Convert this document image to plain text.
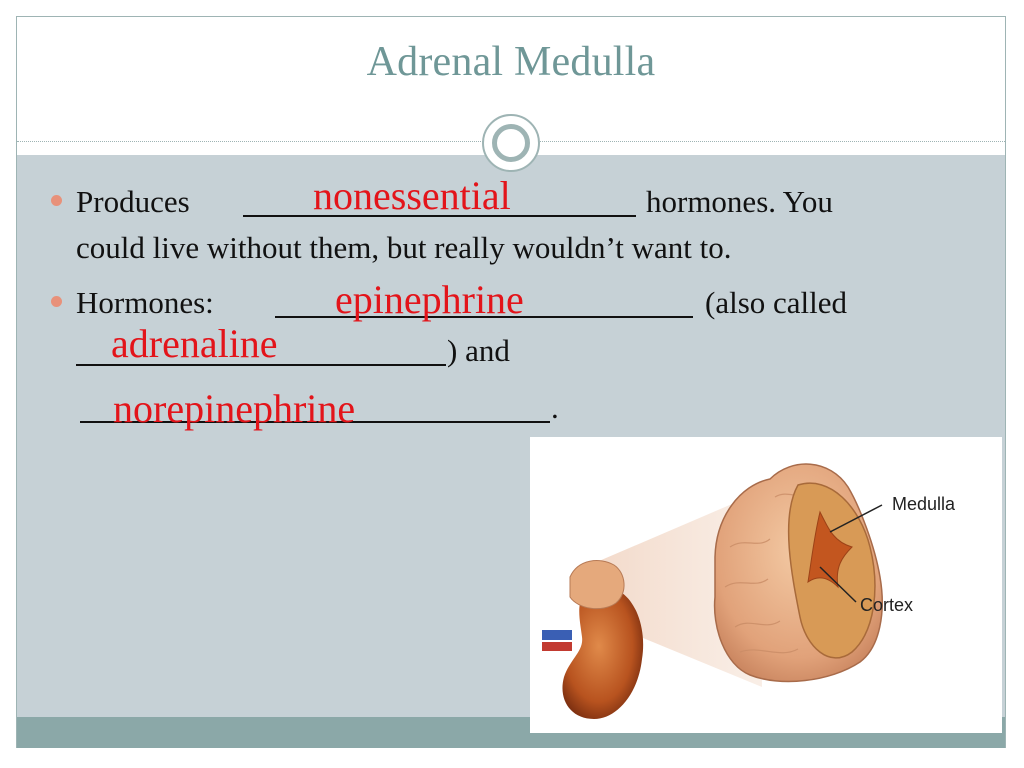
Adrenal Medulla
Produces	nonessential	hormones. You
could live without them, but really wouldn’t want to.
Hormones:	epinephrine	(also called
adrenaline	) and
norepinephrine	.
Medulla
Cortex
